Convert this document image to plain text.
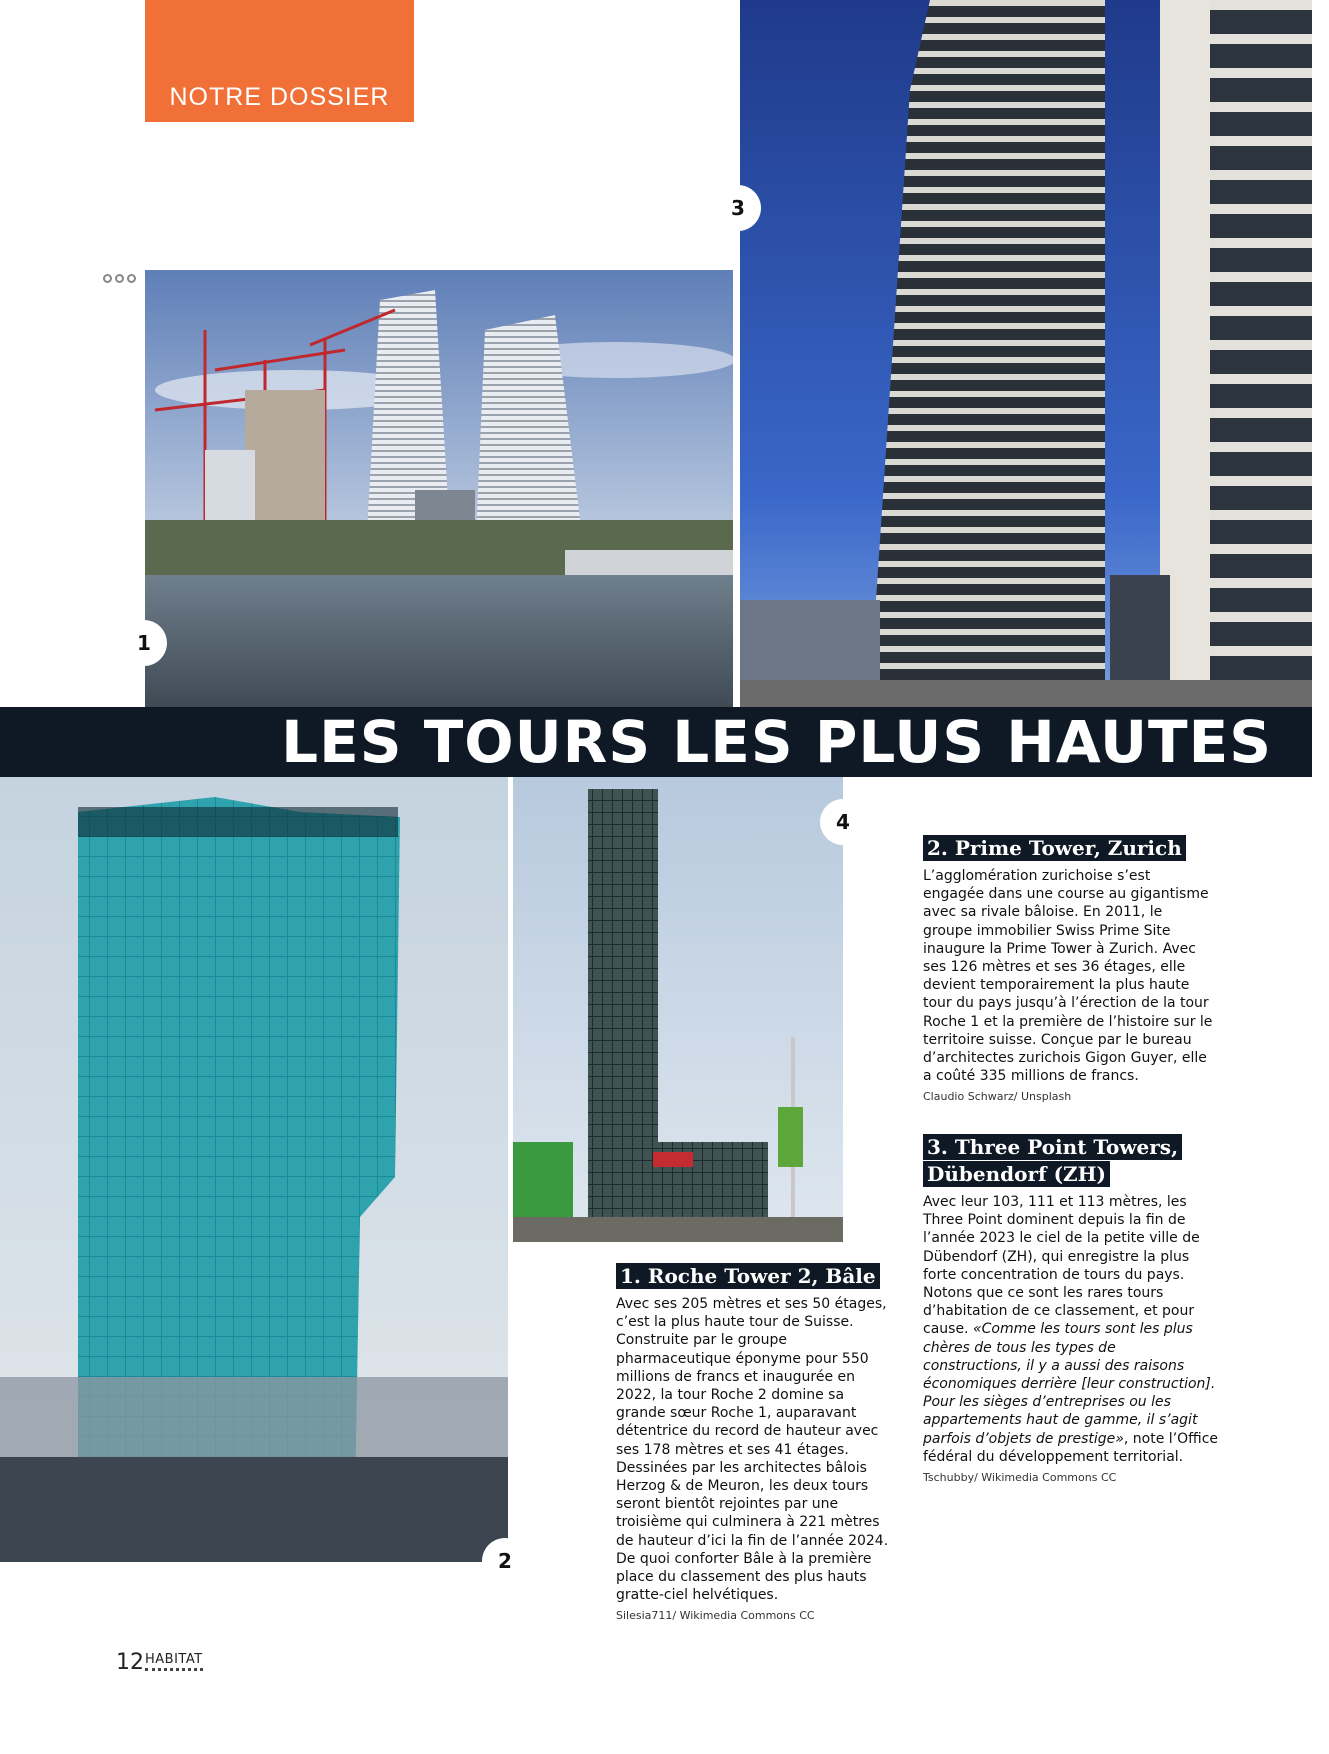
NOTRE DOSSIER
1
3
LES TOURS LES PLUS HAUTES
2
4
2. Prime Tower, Zurich

L’agglomération zurichoise s’est engagée dans une course au gigantisme avec sa rivale bâloise. En 2011, le groupe immobilier Swiss Prime Site inaugure la Prime Tower à Zurich. Avec ses 126 mètres et ses 36 étages, elle devient temporairement la plus haute tour du pays jusqu’à l’érection de la tour Roche 1 et la première de l’histoire sur le territoire suisse. Conçue par le bureau d’architectes zurichois Gigon Guyer, elle a coûté 335 millions de francs.

Claudio Schwarz/ Unsplash
3. Three Point Towers,
Dübendorf (ZH)

Avec leur 103, 111 et 113 mètres, les Three Point dominent depuis la fin de l’année 2023 le ciel de la petite ville de Dübendorf (ZH), qui enregistre la plus forte concentration de tours du pays. Notons que ce sont les rares tours d’habitation de ce classement, et pour cause. «Comme les tours sont les plus chères de tous les types de constructions, il y a aussi des raisons économiques derrière [leur construction]. Pour les sièges d’entreprises ou les appartements haut de gamme, il s’agit parfois d’objets de prestige», note l’Office fédéral du développement territorial.

Tschubby/ Wikimedia Commons CC
1. Roche Tower 2, Bâle

Avec ses 205 mètres et ses 50 étages, c’est la plus haute tour de Suisse. Construite par le groupe pharmaceutique éponyme pour 550 millions de francs et inaugurée en 2022, la tour Roche 2 domine sa grande sœur Roche 1, auparavant détentrice du record de hauteur avec ses 178 mètres et ses 41 étages. Dessinées par les architectes bâlois Herzog & de Meuron, les deux tours seront bientôt rejointes par une troisième qui culminera à 221 mètres de hauteur d’ici la fin de l’année 2024. De quoi conforter Bâle à la première place du classement des plus hauts gratte-ciel helvétiques.

Silesia711/ Wikimedia Commons CC
12 HABITAT
